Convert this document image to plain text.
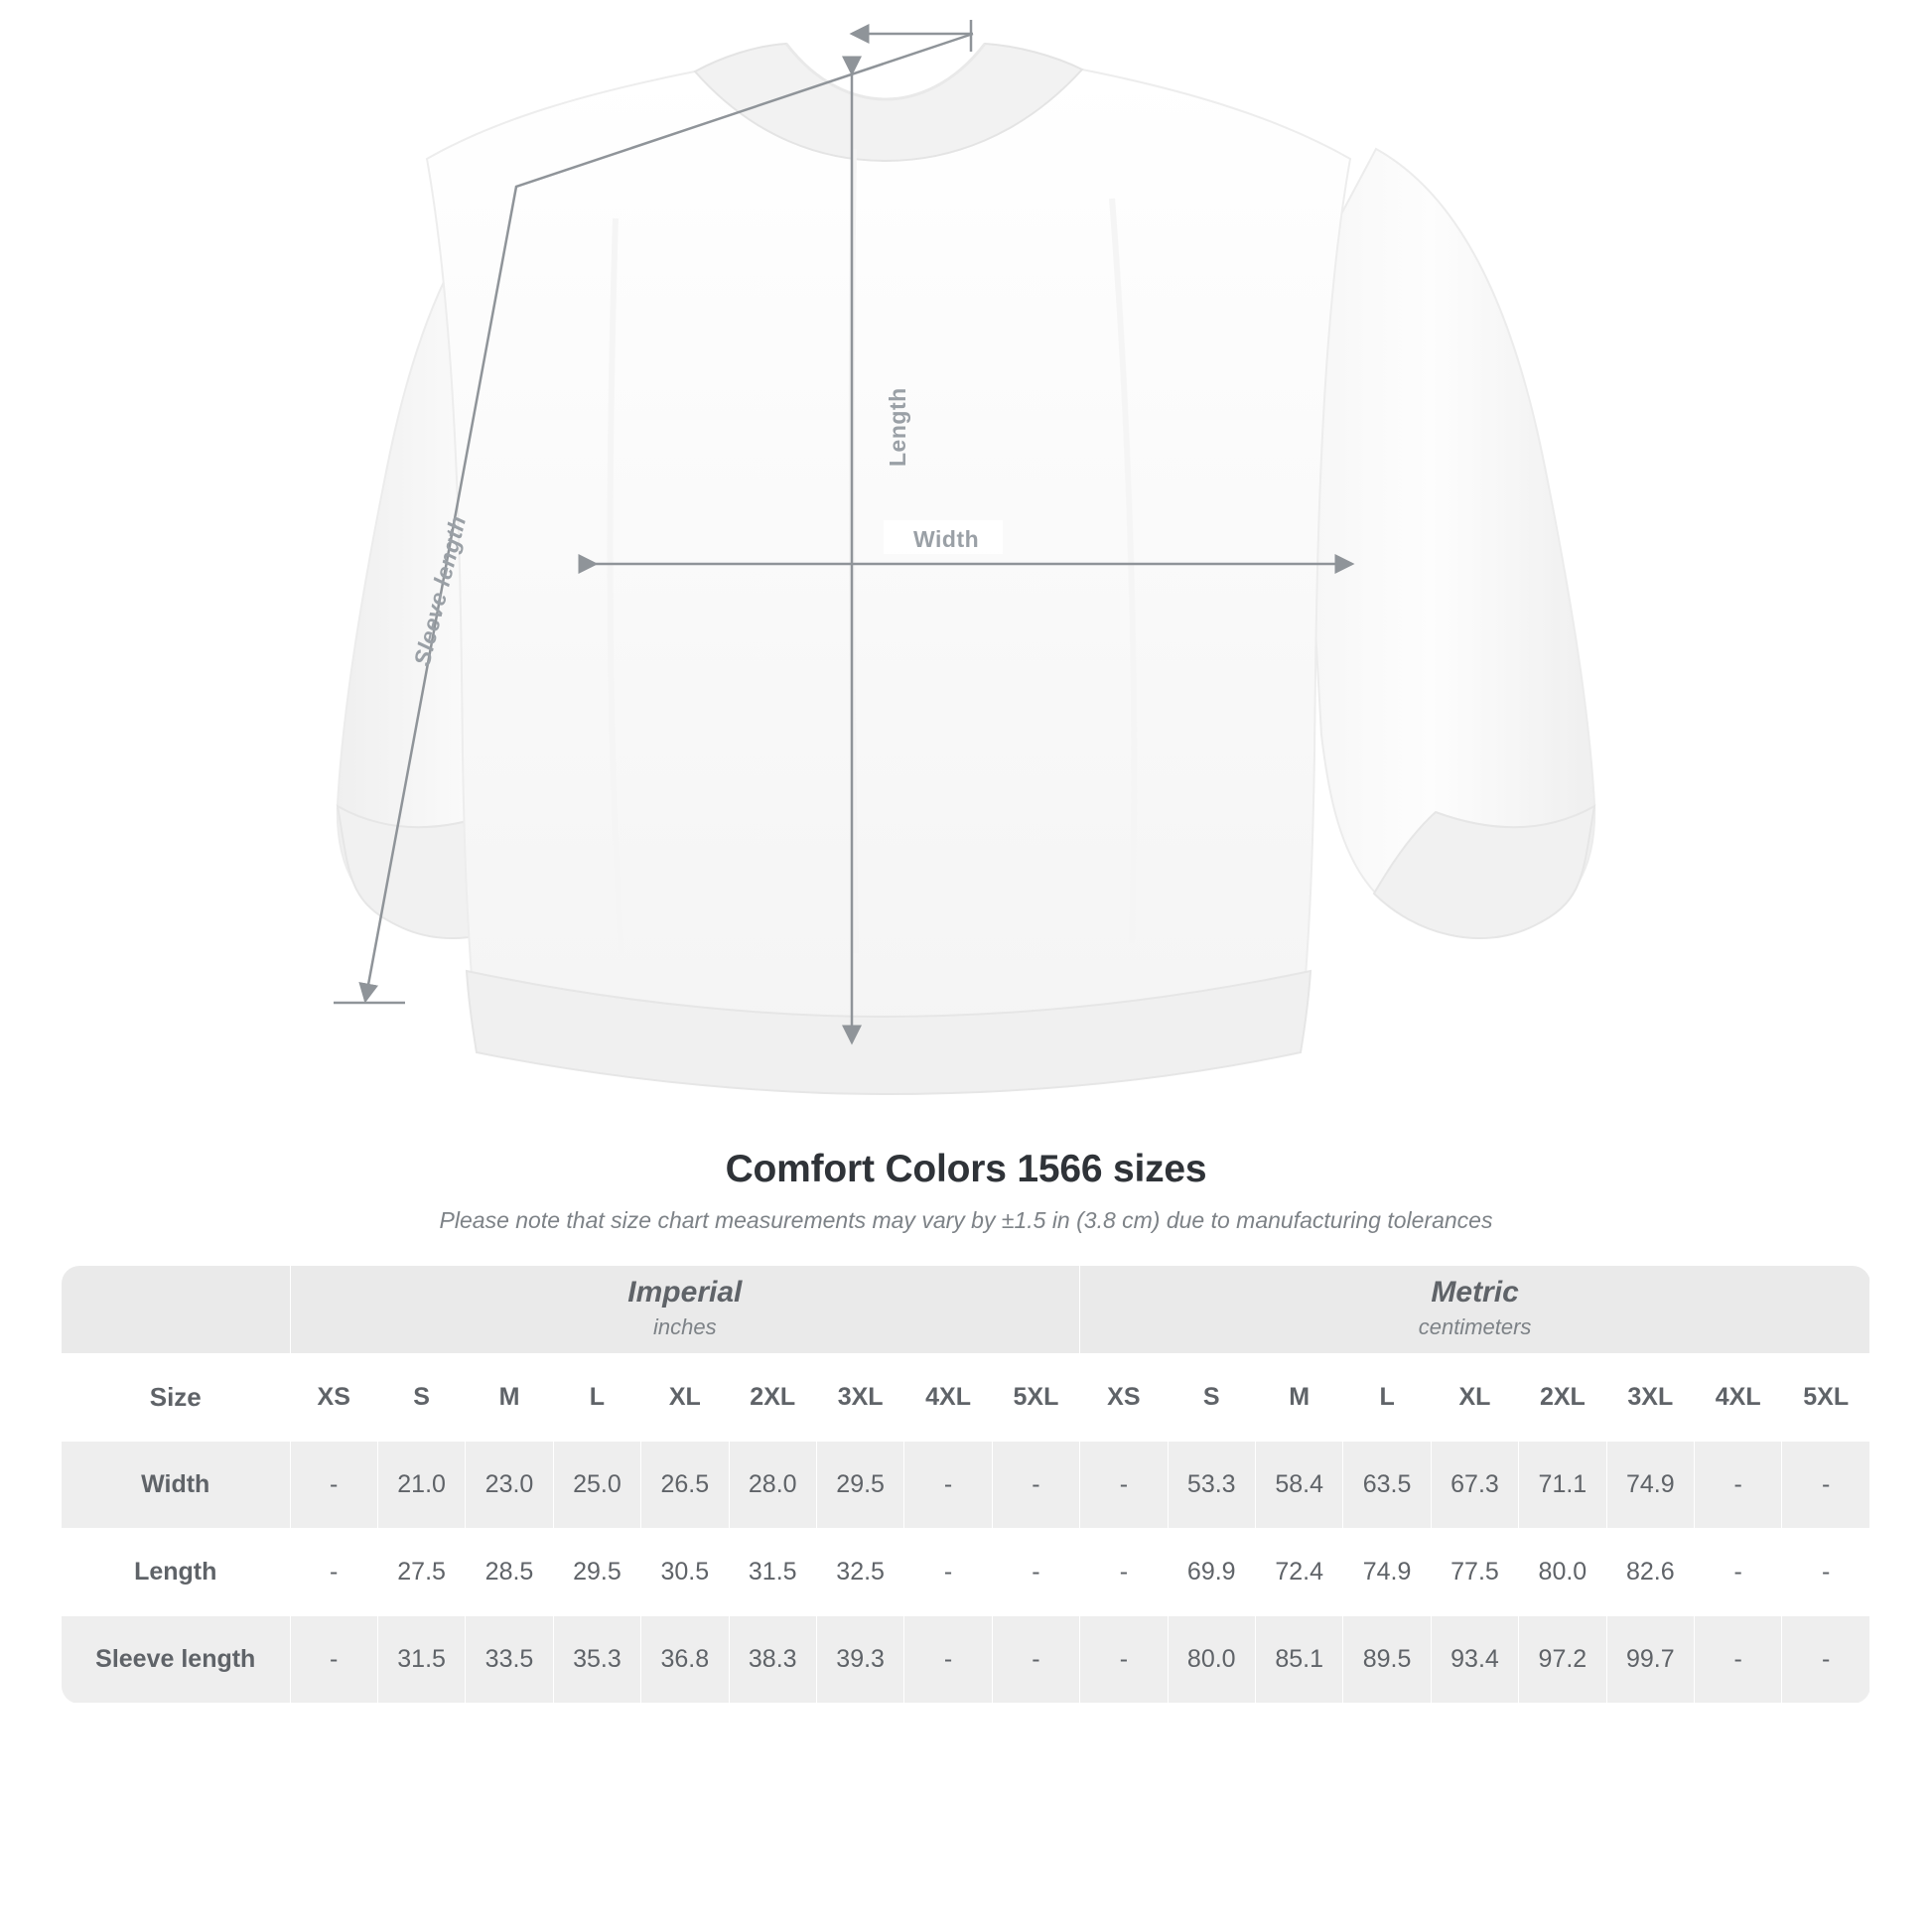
Length
Width
Sleeve length
Comfort Colors 1566 sizes
Please note that size chart measurements may vary by ±1.5 in (3.8 cm) due to manufacturing tolerances

Imperial
inches

Metric
centimeters

Size	XS	S	M	L	XL	2XL	3XL	4XL	5XL	XS	S	M	L	XL	2XL	3XL	4XL	5XL
Width	-	21.0	23.0	25.0	26.5	28.0	29.5	-	-	-	53.3	58.4	63.5	67.3	71.1	74.9	-	-
Length	-	27.5	28.5	29.5	30.5	31.5	32.5	-	-	-	69.9	72.4	74.9	77.5	80.0	82.6	-	-
Sleeve length	-	31.5	33.5	35.3	36.8	38.3	39.3	-	-	-	80.0	85.1	89.5	93.4	97.2	99.7	-	-
